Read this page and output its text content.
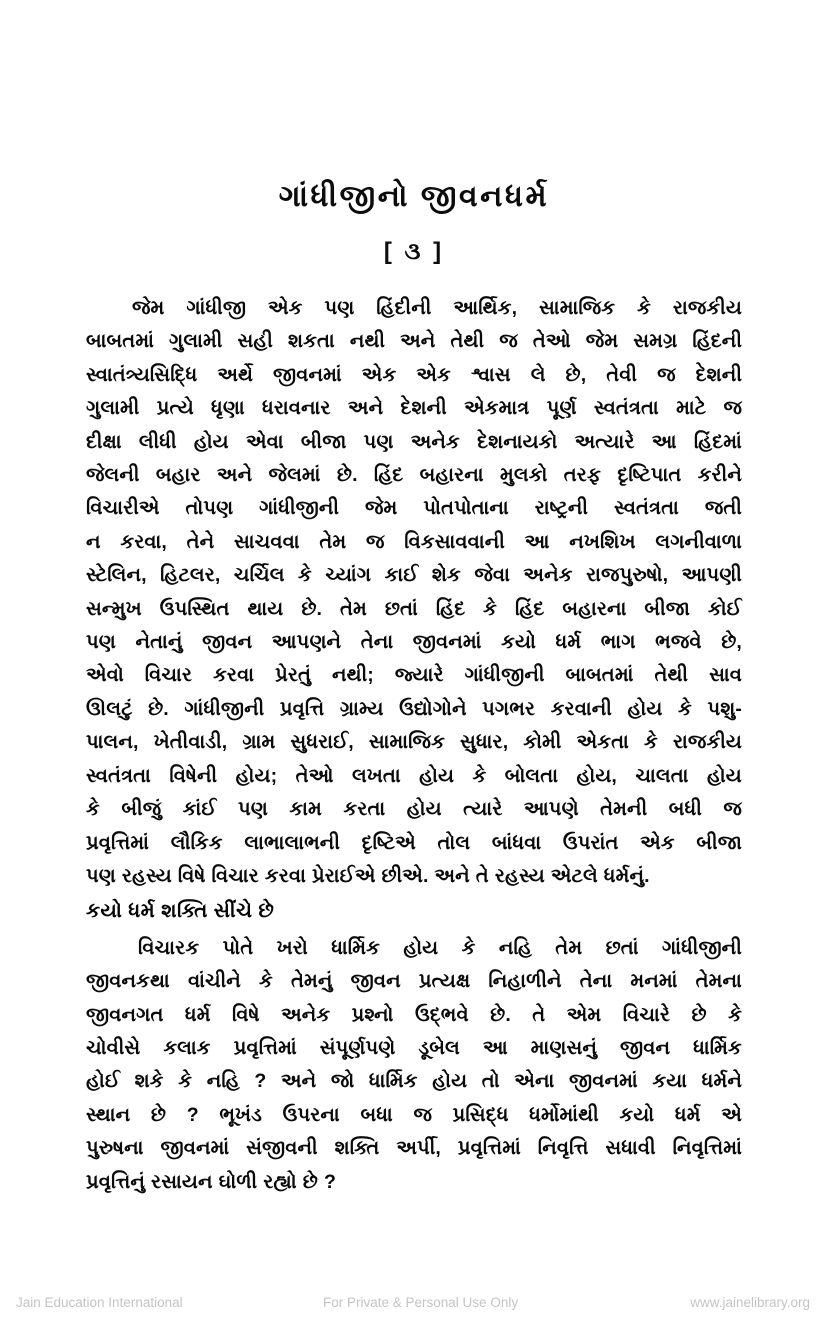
ગાંધીજીનો જીવનધર્મ
[ ૩ ]

જેમ ગાંધીજી એક પણ હિંદીની આર્થિક, સામાજિક કે રાજકીય
બાબતમાં ગુલામી સહી શકતા નથી અને તેથી જ તેઓ જેમ સમગ્ર હિંદની
સ્વાતંત્ર્યસિદ્ધિ અર્થે જીવનમાં એક એક શ્વાસ લે છે, તેવી જ દેશની
ગુલામી પ્રત્યે ધૃણા ધરાવનાર અને દેશની એકમાત્ર પૂર્ણ સ્વતંત્રતા માટે જ
દીક્ષા લીધી હોય એવા બીજા પણ અનેક દેશનાયકો અત્યારે આ હિંદમાં
જેલની બહાર અને જેલમાં છે. હિંદ બહારના મુલકો તરફ દૃષ્ટિપાત કરીને
વિચારીએ તોપણ ગાંધીજીની જેમ પોતપોતાના રાષ્ટ્રની સ્વતંત્રતા જતી
ન કરવા, તેને સાચવવા તેમ જ વિકસાવવાની આ નખશિખ લગનીવાળા
સ્ટેલિન, હિટલર, ચર્ચિલ કે ચ્યાંગ કાઈ શેક જેવા અનેક રાજપુરુષો, આપણી
સન્મુખ ઉપસ્થિત થાય છે. તેમ છતાં હિંદ કે હિંદ બહારના બીજા કોઈ
પણ નેતાનું જીવન આપણને તેના જીવનમાં કયો ધર્મ ભાગ ભજવે છે,
એવો વિચાર કરવા પ્રેરતું નથી; જ્યારે ગાંધીજીની બાબતમાં તેથી સાવ
ઊલટું છે. ગાંધીજીની પ્રવૃત્તિ ગ્રામ્ય ઉદ્યોગોને પગભર કરવાની હોય કે પશુ-
પાલન, ખેતીવાડી, ગ્રામ સુધરાઈ, સામાજિક સુધાર, કોમી એકતા કે રાજકીય
સ્વતંત્રતા વિષેની હોય; તેઓ લખતા હોય કે બોલતા હોય, ચાલતા હોય
કે બીજું કાંઈ પણ કામ કરતા હોય ત્યારે આપણે તેમની બધી જ
પ્રવૃત્તિમાં લૌકિક લાભાલાભની દૃષ્ટિએ તોલ બાંધવા ઉપરાંત એક બીજા
પણ રહસ્ય વિષે વિચાર કરવા પ્રેરાઈએ છીએ. અને તે રહસ્ય એટલે ધર્મનું.

કયો ધર્મ શક્તિ સીંચે છે

વિચારક પોતે ખરો ધાર્મિક હોય કે નહિ તેમ છતાં ગાંધીજીની
જીવનકથા વાંચીને કે તેમનું જીવન પ્રત્યક્ષ નિહાળીને તેના મનમાં તેમના
જીવનગત ધર્મ વિષે અનેક પ્રશ્નો ઉદ્ભવે છે. તે એમ વિચારે છે કે
ચોવીસે કલાક પ્રવૃત્તિમાં સંપૂર્ણપણે ડૂબેલ આ માણસનું જીવન ધાર્મિક
હોઈ શકે કે નહિ ? અને જો ધાર્મિક હોય તો એના જીવનમાં કયા ધર્મને
સ્થાન છે ? ભૂખંડ ઉપરના બધા જ પ્રસિદ્ધ ધર્મોમાંથી કયો ધર્મ એ
પુરુષના જીવનમાં સંજીવની શક્તિ અર્પી, પ્રવૃત્તિમાં નિવૃત્તિ સધાવી નિવૃત્તિમાં
પ્રવૃત્તિનું રસાયન ઘોળી રહ્યો છે ?

Jain Education International	For Private & Personal Use Only	www.jainelibrary.org
